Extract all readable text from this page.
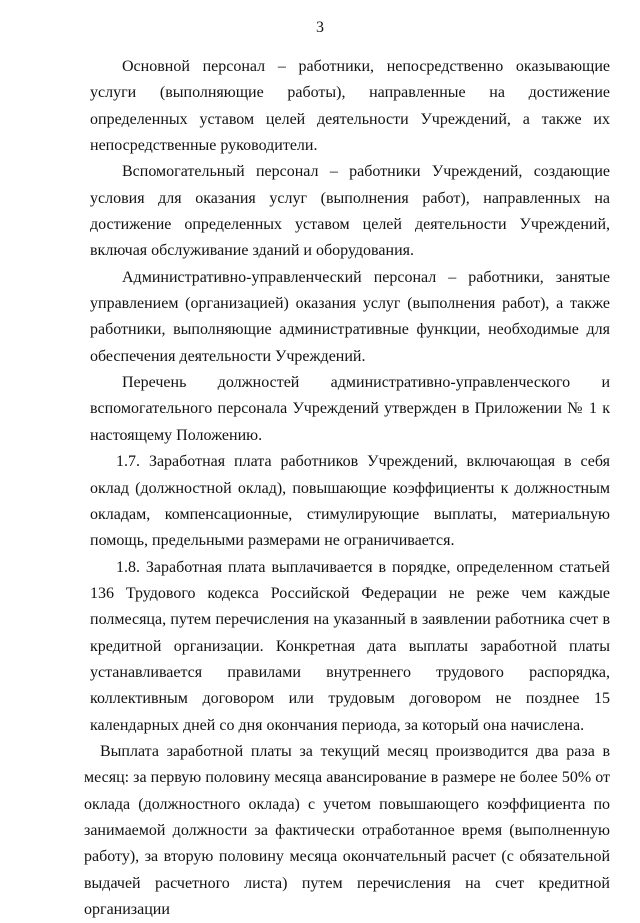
3

Основной персонал – работники, непосредственно оказывающие услуги (выполняющие работы), направленные на достижение определенных уставом целей деятельности Учреждений, а также их непосредственные руководители.

Вспомогательный персонал – работники Учреждений, создающие условия для оказания услуг (выполнения работ), направленных на достижение определенных уставом целей деятельности Учреждений, включая обслуживание зданий и оборудования.

Административно-управленческий персонал – работники, занятые управлением (организацией) оказания услуг (выполнения работ), а также работники, выполняющие административные функции, необходимые для обеспечения деятельности Учреждений.

Перечень должностей административно-управленческого и вспомогательного персонала Учреждений утвержден в Приложении № 1 к настоящему Положению.

1.7. Заработная плата работников Учреждений, включающая в себя оклад (должностной оклад), повышающие коэффициенты к должностным окладам, компенсационные, стимулирующие выплаты, материальную помощь, предельными размерами не ограничивается.

1.8. Заработная плата выплачивается в порядке, определенном статьей 136 Трудового кодекса Российской Федерации не реже чем каждые полмесяца, путем перечисления на указанный в заявлении работника счет в кредитной организации. Конкретная дата выплаты заработной платы устанавливается правилами внутреннего трудового распорядка, коллективным договором или трудовым договором не позднее 15 календарных дней со дня окончания периода, за который она начислена.

Выплата заработной платы за текущий месяц производится два раза в месяц: за первую половину месяца авансирование в размере не более 50% от оклада (должностного оклада) с учетом повышающего коэффициента по занимаемой должности за фактически отработанное время (выполненную работу), за вторую половину месяца окончательный расчет (с обязательной выдачей расчетного листа) путем перечисления на счет кредитной организации
